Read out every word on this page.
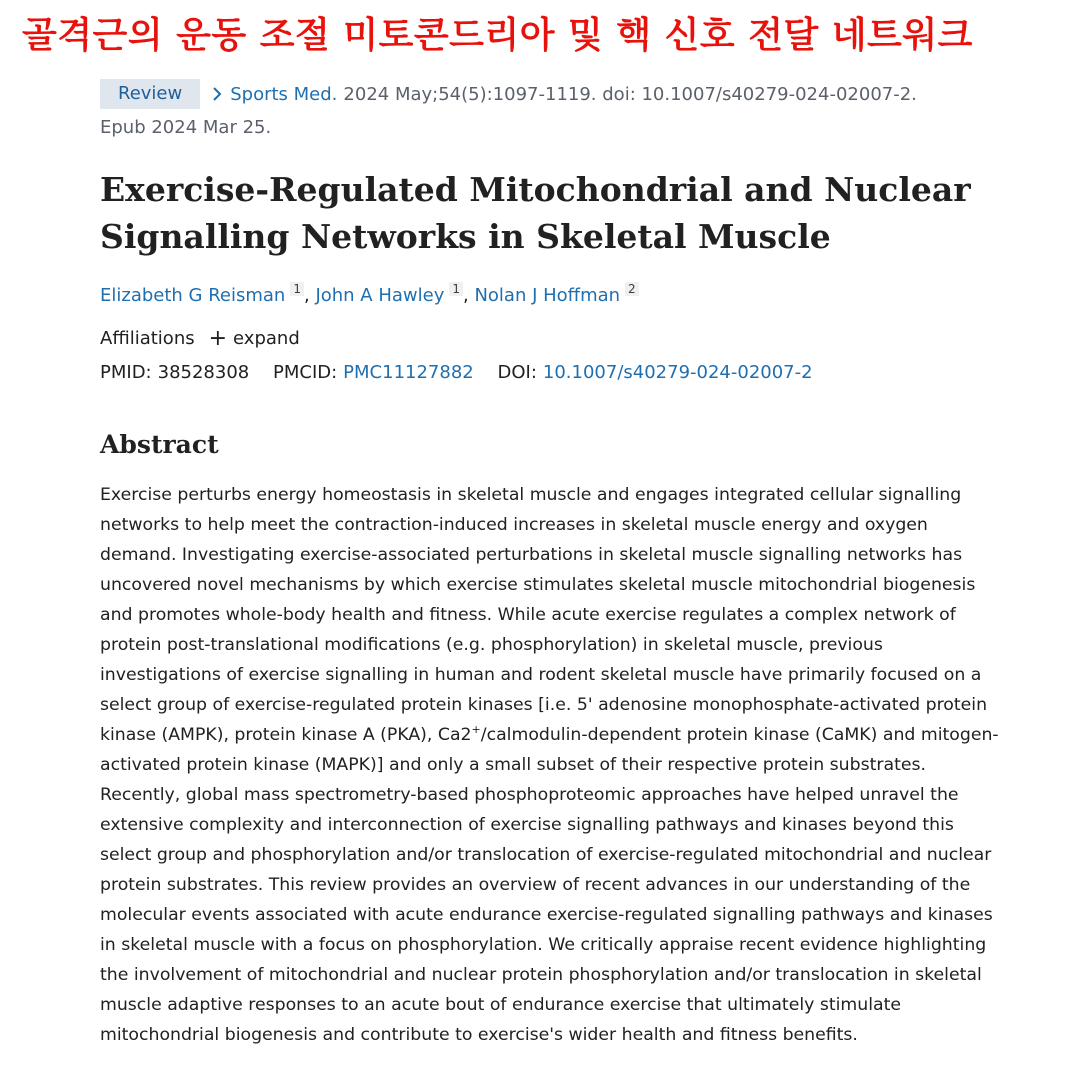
골격근의 운동 조절 미토콘드리아 및 핵 신호 전달 네트워크
Review	Sports Med. 2024 May;54(5):1097-1119. doi: 10.1007/s40279-024-02007-2.
Epub 2024 Mar 25.
Exercise-Regulated Mitochondrial and Nuclear Signalling Networks in Skeletal Muscle
Elizabeth G Reisman 1 , John A Hawley 1 , Nolan J Hoffman 2
Affiliations + expand
PMID: 38528308 PMCID: PMC11127882 DOI: 10.1007/s40279-024-02007-2
Abstract

Exercise perturbs energy homeostasis in skeletal muscle and engages integrated cellular signalling networks to help meet the contraction-induced increases in skeletal muscle energy and oxygen demand. Investigating exercise-associated perturbations in skeletal muscle signalling networks has uncovered novel mechanisms by which exercise stimulates skeletal muscle mitochondrial biogenesis and promotes whole-body health and fitness. While acute exercise regulates a complex network of protein post-translational modifications (e.g. phosphorylation) in skeletal muscle, previous investigations of exercise signalling in human and rodent skeletal muscle have primarily focused on a select group of exercise-regulated protein kinases [i.e. 5' adenosine monophosphate-activated protein kinase (AMPK), protein kinase A (PKA), Ca2+/calmodulin-dependent protein kinase (CaMK) and mitogen-activated protein kinase (MAPK)] and only a small subset of their respective protein substrates. Recently, global mass spectrometry-based phosphoproteomic approaches have helped unravel the extensive complexity and interconnection of exercise signalling pathways and kinases beyond this select group and phosphorylation and/or translocation of exercise-regulated mitochondrial and nuclear protein substrates. This review provides an overview of recent advances in our understanding of the molecular events associated with acute endurance exercise-regulated signalling pathways and kinases in skeletal muscle with a focus on phosphorylation. We critically appraise recent evidence highlighting the involvement of mitochondrial and nuclear protein phosphorylation and/or translocation in skeletal muscle adaptive responses to an acute bout of endurance exercise that ultimately stimulate mitochondrial biogenesis and contribute to exercise's wider health and fitness benefits.
